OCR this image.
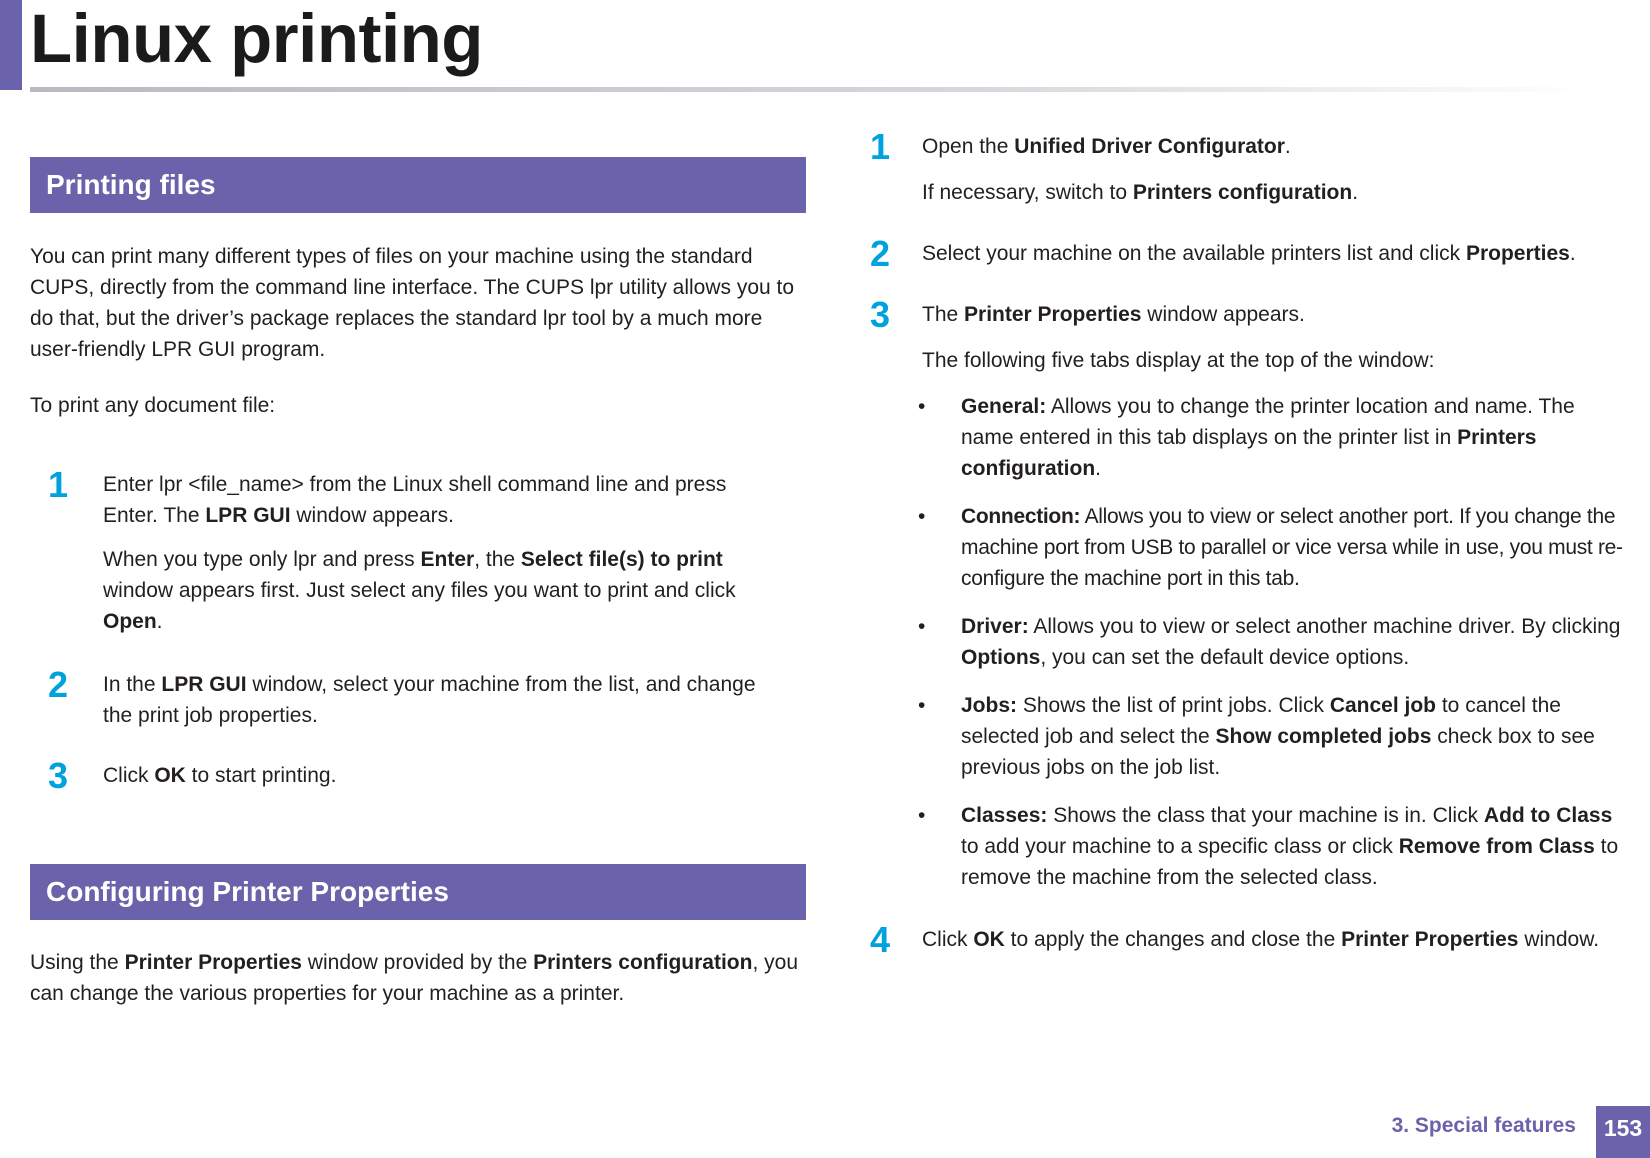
Linux printing
Printing files

You can print many different types of files on your machine using the standard CUPS, directly from the command line interface. The CUPS lpr utility allows you to do that, but the driver’s package replaces the standard lpr tool by a much more user-friendly LPR GUI program.

To print any document file:

1	Enter lpr <file_name> from the Linux shell command line and press Enter. The LPR GUI window appears.

When you type only lpr and press Enter, the Select file(s) to print window appears first. Just select any files you want to print and click Open.

2	In the LPR GUI window, select your machine from the list, and change the print job properties.

3	Click OK to start printing.

Configuring Printer Properties

Using the Printer Properties window provided by the Printers configuration, you can change the various properties for your machine as a printer.

1	Open the Unified Driver Configurator.

If necessary, switch to Printers configuration.

2	Select your machine on the available printers list and click Properties.

3	The Printer Properties window appears.

The following five tabs display at the top of the window:

• General: Allows you to change the printer location and name. The name entered in this tab displays on the printer list in Printers configuration.

• Connection: Allows you to view or select another port. If you change the machine port from USB to parallel or vice versa while in use, you must re-configure the machine port in this tab.

• Driver: Allows you to view or select another machine driver. By clicking Options, you can set the default device options.

• Jobs: Shows the list of print jobs. Click Cancel job to cancel the selected job and select the Show completed jobs check box to see previous jobs on the job list.

• Classes: Shows the class that your machine is in. Click Add to Class to add your machine to a specific class or click Remove from Class to remove the machine from the selected class.

4	Click OK to apply the changes and close the Printer Properties window.

3. Special features	153
